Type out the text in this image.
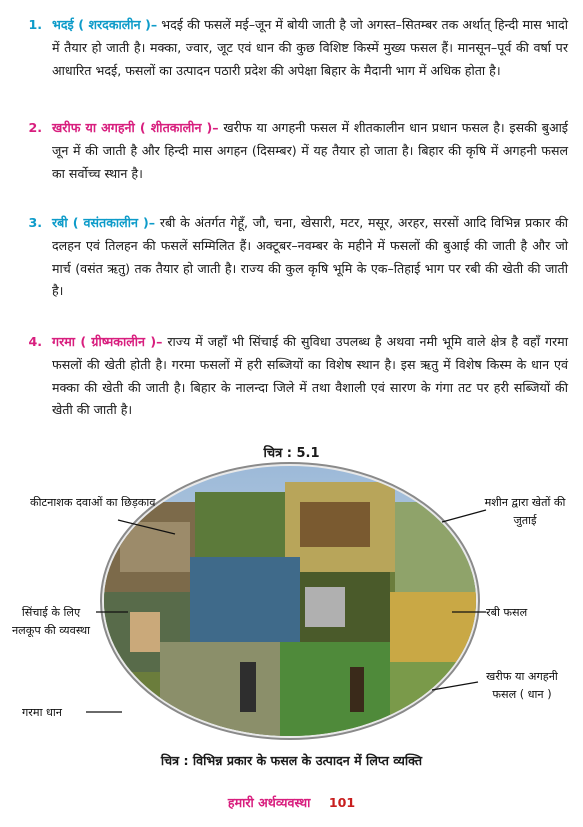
1. भदई ( शरदकालीन )– भदई की फसलें मई–जून में बोयी जाती है जो अगस्त–सितम्बर तक अर्थात् हिन्दी मास भादो में तैयार हो जाती है। मक्का, ज्वार, जूट एवं धान की कुछ विशिष्ट किस्में मुख्य फसल हैं। मानसून–पूर्व की वर्षा पर आधारित भदई, फसलों का उत्पादन पठारी प्रदेश की अपेक्षा बिहार के मैदानी भाग में अधिक होता है।
2. खरीफ या अगहनी ( शीतकालीन )– खरीफ या अगहनी फसल में शीतकालीन धान प्रधान फसल है। इसकी बुआई जून में की जाती है और हिन्दी मास अगहन (दिसम्बर) में यह तैयार हो जाता है। बिहार की कृषि में अगहनी फसल का सर्वोच्च स्थान है।
3. रबी ( वसंतकालीन )– रबी के अंतर्गत गेहूँ, जौ, चना, खेसारी, मटर, मसूर, अरहर, सरसों आदि विभिन्न प्रकार की दलहन एवं तिलहन की फसलें सम्मिलित हैं। अक्टूबर–नवम्बर के महीने में फसलों की बुआई की जाती है और जो मार्च (वसंत ऋतु) तक तैयार हो जाती है। राज्य की कुल कृषि भूमि के एक–तिहाई भाग पर रबी की खेती की जाती है।
4. गरमा ( ग्रीष्मकालीन )– राज्य में जहाँ भी सिंचाई की सुविधा उपलब्ध है अथवा नमी भूमि वाले क्षेत्र है वहाँ गरमा फसलों की खेती होती है। गरमा फसलों में हरी सब्जियों का विशेष स्थान है। इस ऋतु में विशेष किस्म के धान एवं मक्का की खेती की जाती है। बिहार के नालन्दा जिले में तथा वैशाली एवं सारण के गंगा तट पर हरी सब्जियों की खेती की जाती है।
चित्र : 5.1
कीटनाशक दवाओं का छिड़काव	मशीन द्वारा खेतों की जुताई
सिंचाई के लिए नलकूप की व्यवस्था
रबी फसल
खरीफ या अगहनी फसल ( धान )
गरमा धान
चित्र : विभिन्न प्रकार के फसल के उत्पादन में लिप्त व्यक्ति
हमारी अर्थव्यवस्था 101
